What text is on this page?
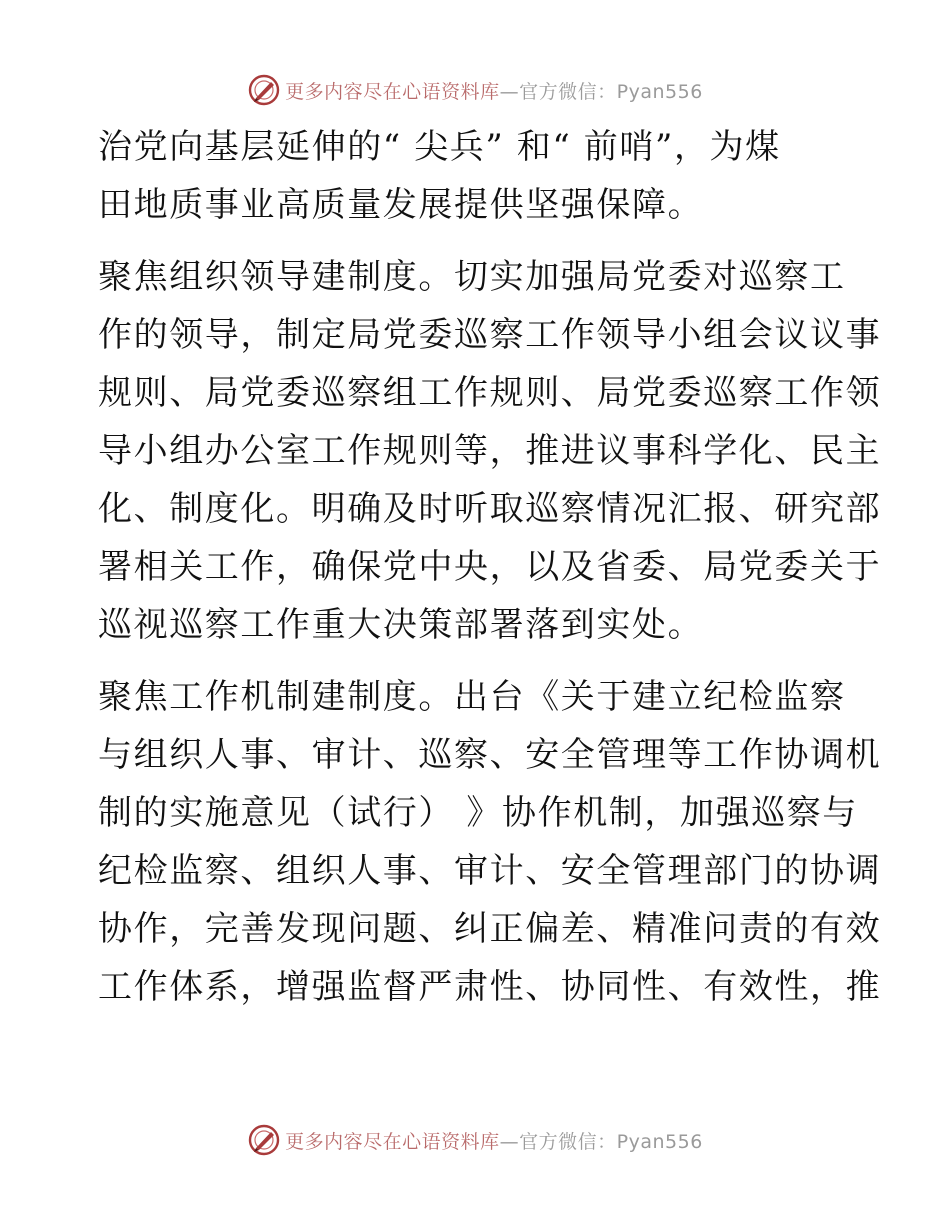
更多内容尽在心语资料库—官方微信：Pyan556
治党向基层延伸的“ 尖兵” 和“ 前哨”，为煤
田地质事业高质量发展提供坚强保障。
聚焦组织领导建制度。切实加强局党委对巡察工
作的领导，制定局党委巡察工作领导小组会议议事
规则、局党委巡察组工作规则、局党委巡察工作领
导小组办公室工作规则等，推进议事科学化、民主
化、制度化。明确及时听取巡察情况汇报、研究部
署相关工作，确保党中央，以及省委、局党委关于
巡视巡察工作重大决策部署落到实处。
聚焦工作机制建制度。出台《关于建立纪检监察
与组织人事、审计、巡察、安全管理等工作协调机
制的实施意见（试行） 》协作机制，加强巡察与
纪检监察、组织人事、审计、安全管理部门的协调
协作，完善发现问题、纠正偏差、精准问责的有效
工作体系，增强监督严肃性、协同性、有效性，推
更多内容尽在心语资料库—官方微信：Pyan556
